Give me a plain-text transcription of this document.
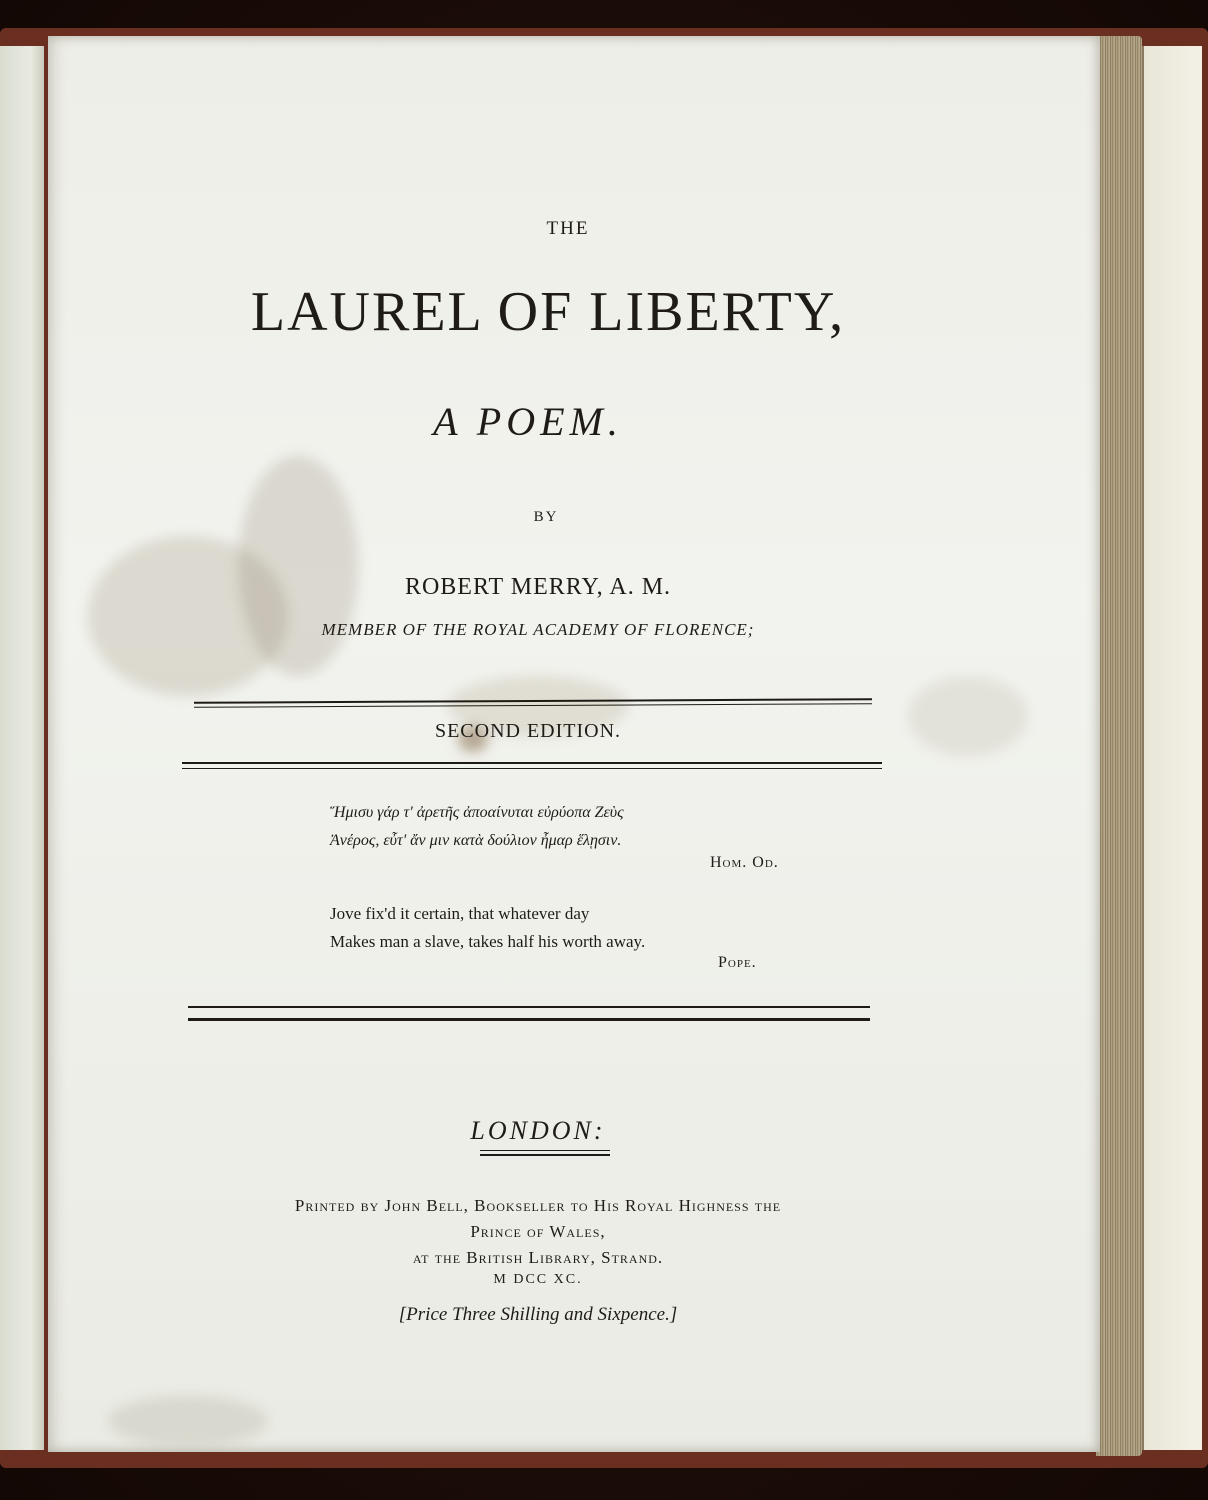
THE
LAUREL OF LIBERTY,
A POEM.
BY
ROBERT MERRY, A. M.
MEMBER OF THE ROYAL ACADEMY OF FLORENCE;
SECOND EDITION.
Ἥμισυ γάρ τ' ἀρετῆς ἀποαίνυται εὐρύοπα Ζεὺς
Ἀνέρος, εὖτ' ἄν μιν κατὰ δούλιον ἦμαρ ἕλῃσιν.
Hom. Od.
Jove fix'd it certain, that whatever day
Makes man a slave, takes half his worth away.
Pope.
LONDON:
Printed by John Bell, Bookseller to His Royal Highness the
Prince of Wales,
at the British Library, Strand.
M DCC XC.
[Price Three Shilling and Sixpence.]
